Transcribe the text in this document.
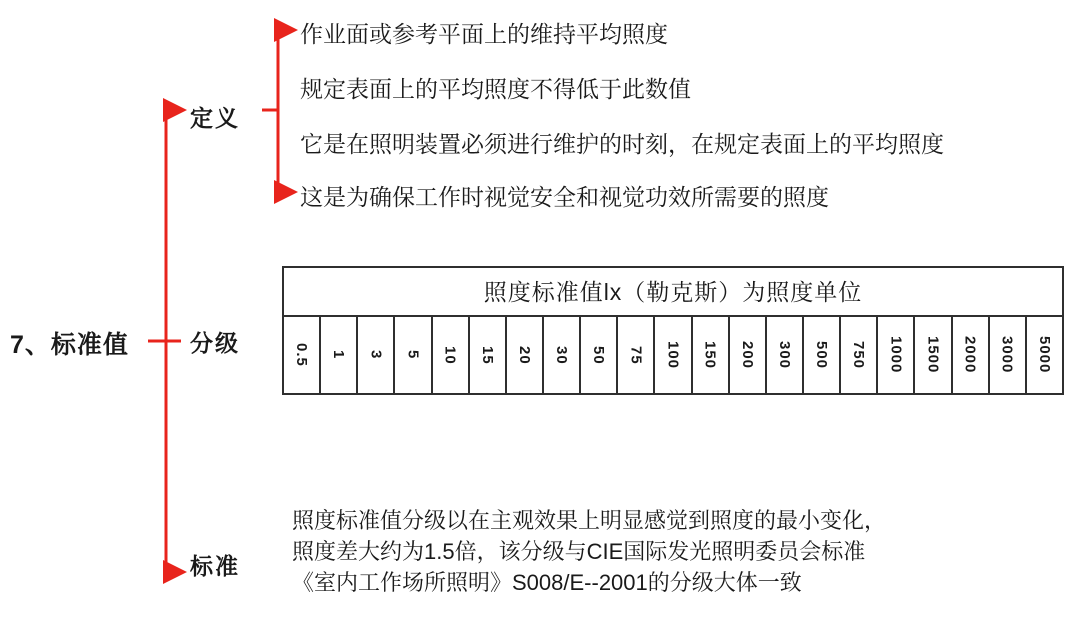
7、标准值
定义
分级
标准
作业面或参考平面上的维持平均照度
规定表面上的平均照度不得低于此数值
它是在照明装置必须进行维护的时刻，在规定表面上的平均照度
这是为确保工作时视觉安全和视觉功效所需要的照度
照度标准值lx（勒克斯）为照度单位
0.5 1 3 5 10 15 20 30 50 75 100 150 200 300 500 750 1000 1500 2000 3000 5000
照度标准值分级以在主观效果上明显感觉到照度的最小变化，
照度差大约为1.5倍，该分级与CIE国际发光照明委员会标准
《室内工作场所照明》S008/E--2001的分级大体一致
